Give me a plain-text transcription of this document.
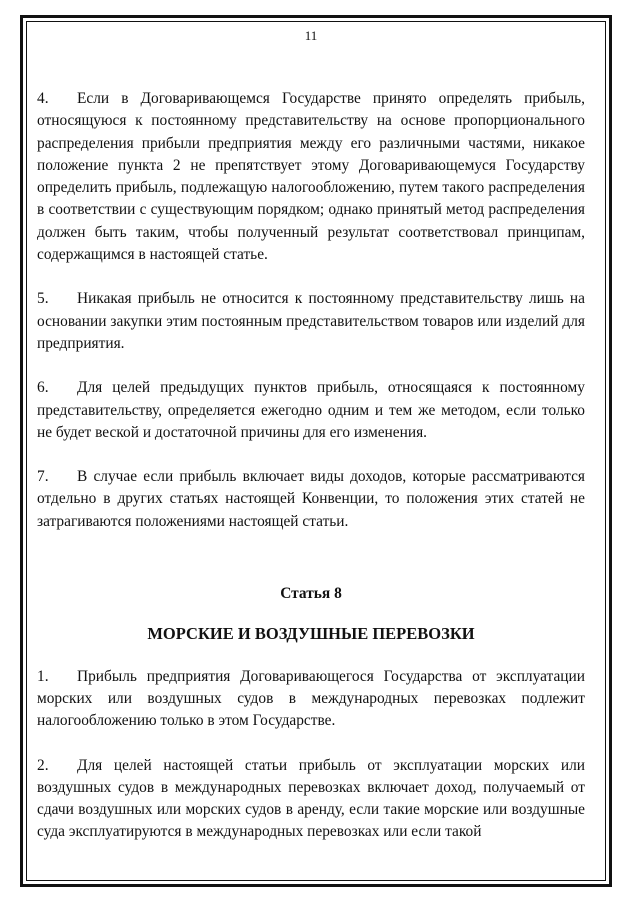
11

4. Если в Договаривающемся Государстве принято определять прибыль, относящуюся к постоянному представительству на основе пропорционального распределения прибыли предприятия между его различными частями, никакое положение пункта 2 не препятствует этому Договаривающемуся Государству определить прибыль, подлежащую налогообложению, путем такого распределения в соответствии с существующим порядком; однако принятый метод распределения должен быть таким, чтобы полученный результат соответствовал принципам, содержащимся в настоящей статье.

5. Никакая прибыль не относится к постоянному представительству лишь на основании закупки этим постоянным представительством товаров или изделий для предприятия.

6. Для целей предыдущих пунктов прибыль, относящаяся к постоянному представительству, определяется ежегодно одним и тем же методом, если только не будет веской и достаточной причины для его изменения.

7. В случае если прибыль включает виды доходов, которые рассматриваются отдельно в других статьях настоящей Конвенции, то положения этих статей не затрагиваются положениями настоящей статьи.

Статья 8
МОРСКИЕ И ВОЗДУШНЫЕ ПЕРЕВОЗКИ

1. Прибыль предприятия Договаривающегося Государства от эксплуатации морских или воздушных судов в международных перевозках подлежит налогообложению только в этом Государстве.

2. Для целей настоящей статьи прибыль от эксплуатации морских или воздушных судов в международных перевозках включает доход, получаемый от сдачи воздушных или морских судов в аренду, если такие морские или воздушные суда эксплуатируются в международных перевозках или если такой
